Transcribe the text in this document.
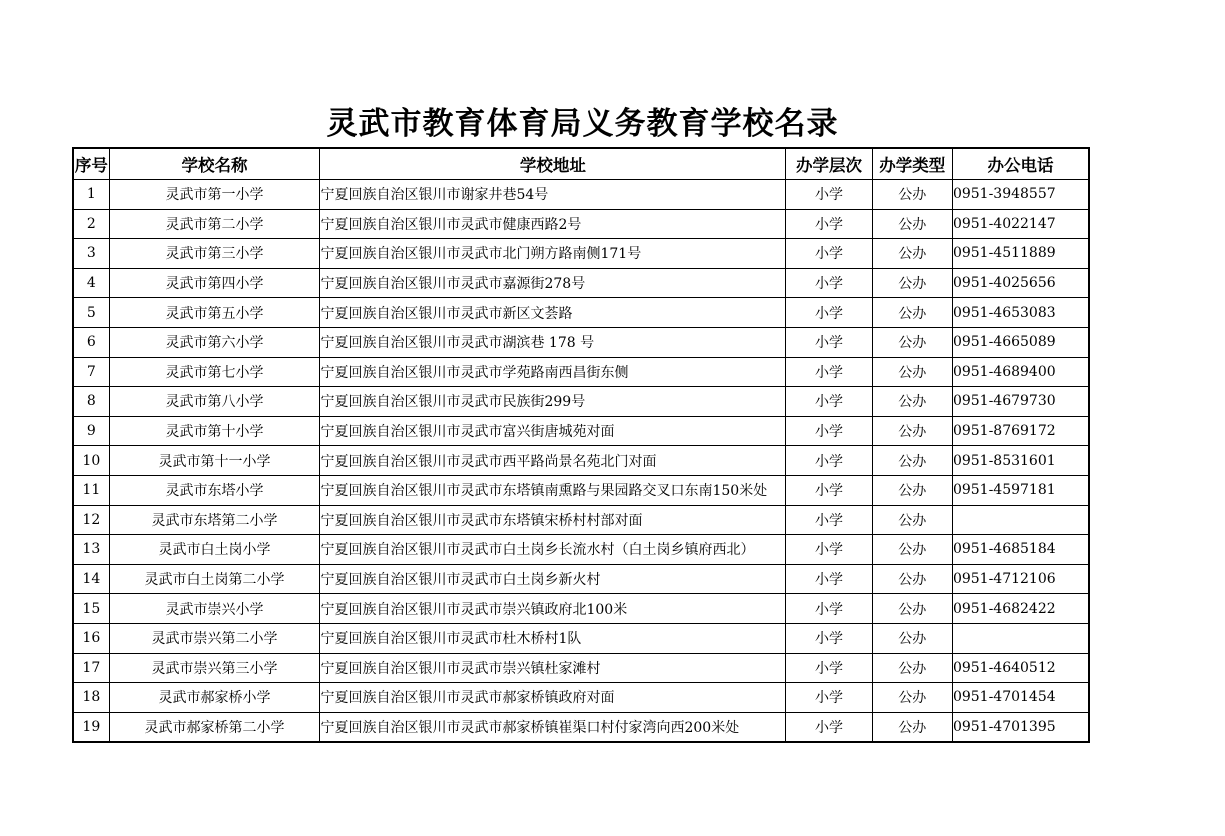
灵武市教育体育局义务教育学校名录
序号	学校名称	学校地址	办学层次	办学类型	办公电话
1	灵武市第一小学	宁夏回族自治区银川市谢家井巷54号	小学	公办	0951-3948557
2	灵武市第二小学	宁夏回族自治区银川市灵武市健康西路2号	小学	公办	0951-4022147
3	灵武市第三小学	宁夏回族自治区银川市灵武市北门朔方路南侧171号	小学	公办	0951-4511889
4	灵武市第四小学	宁夏回族自治区银川市灵武市嘉源街278号	小学	公办	0951-4025656
5	灵武市第五小学	宁夏回族自治区银川市灵武市新区文荟路	小学	公办	0951-4653083
6	灵武市第六小学	宁夏回族自治区银川市灵武市湖滨巷 178 号	小学	公办	0951-4665089
7	灵武市第七小学	宁夏回族自治区银川市灵武市学苑路南西昌街东侧	小学	公办	0951-4689400
8	灵武市第八小学	宁夏回族自治区银川市灵武市民族街299号	小学	公办	0951-4679730
9	灵武市第十小学	宁夏回族自治区银川市灵武市富兴街唐城苑对面	小学	公办	0951-8769172
10	灵武市第十一小学	宁夏回族自治区银川市灵武市西平路尚景名苑北门对面	小学	公办	0951-8531601
11	灵武市东塔小学	宁夏回族自治区银川市灵武市东塔镇南熏路与果园路交叉口东南150米处	小学	公办	0951-4597181
12	灵武市东塔第二小学	宁夏回族自治区银川市灵武市东塔镇宋桥村村部对面	小学	公办	
13	灵武市白土岗小学	宁夏回族自治区银川市灵武市白土岗乡长流水村（白土岗乡镇府西北）	小学	公办	0951-4685184
14	灵武市白土岗第二小学	宁夏回族自治区银川市灵武市白土岗乡新火村	小学	公办	0951-4712106
15	灵武市崇兴小学	宁夏回族自治区银川市灵武市崇兴镇政府北100米	小学	公办	0951-4682422
16	灵武市崇兴第二小学	宁夏回族自治区银川市灵武市杜木桥村1队	小学	公办	
17	灵武市崇兴第三小学	宁夏回族自治区银川市灵武市崇兴镇杜家滩村	小学	公办	0951-4640512
18	灵武市郝家桥小学	宁夏回族自治区银川市灵武市郝家桥镇政府对面	小学	公办	0951-4701454
19	灵武市郝家桥第二小学	宁夏回族自治区银川市灵武市郝家桥镇崔渠口村付家湾向西200米处	小学	公办	0951-4701395
